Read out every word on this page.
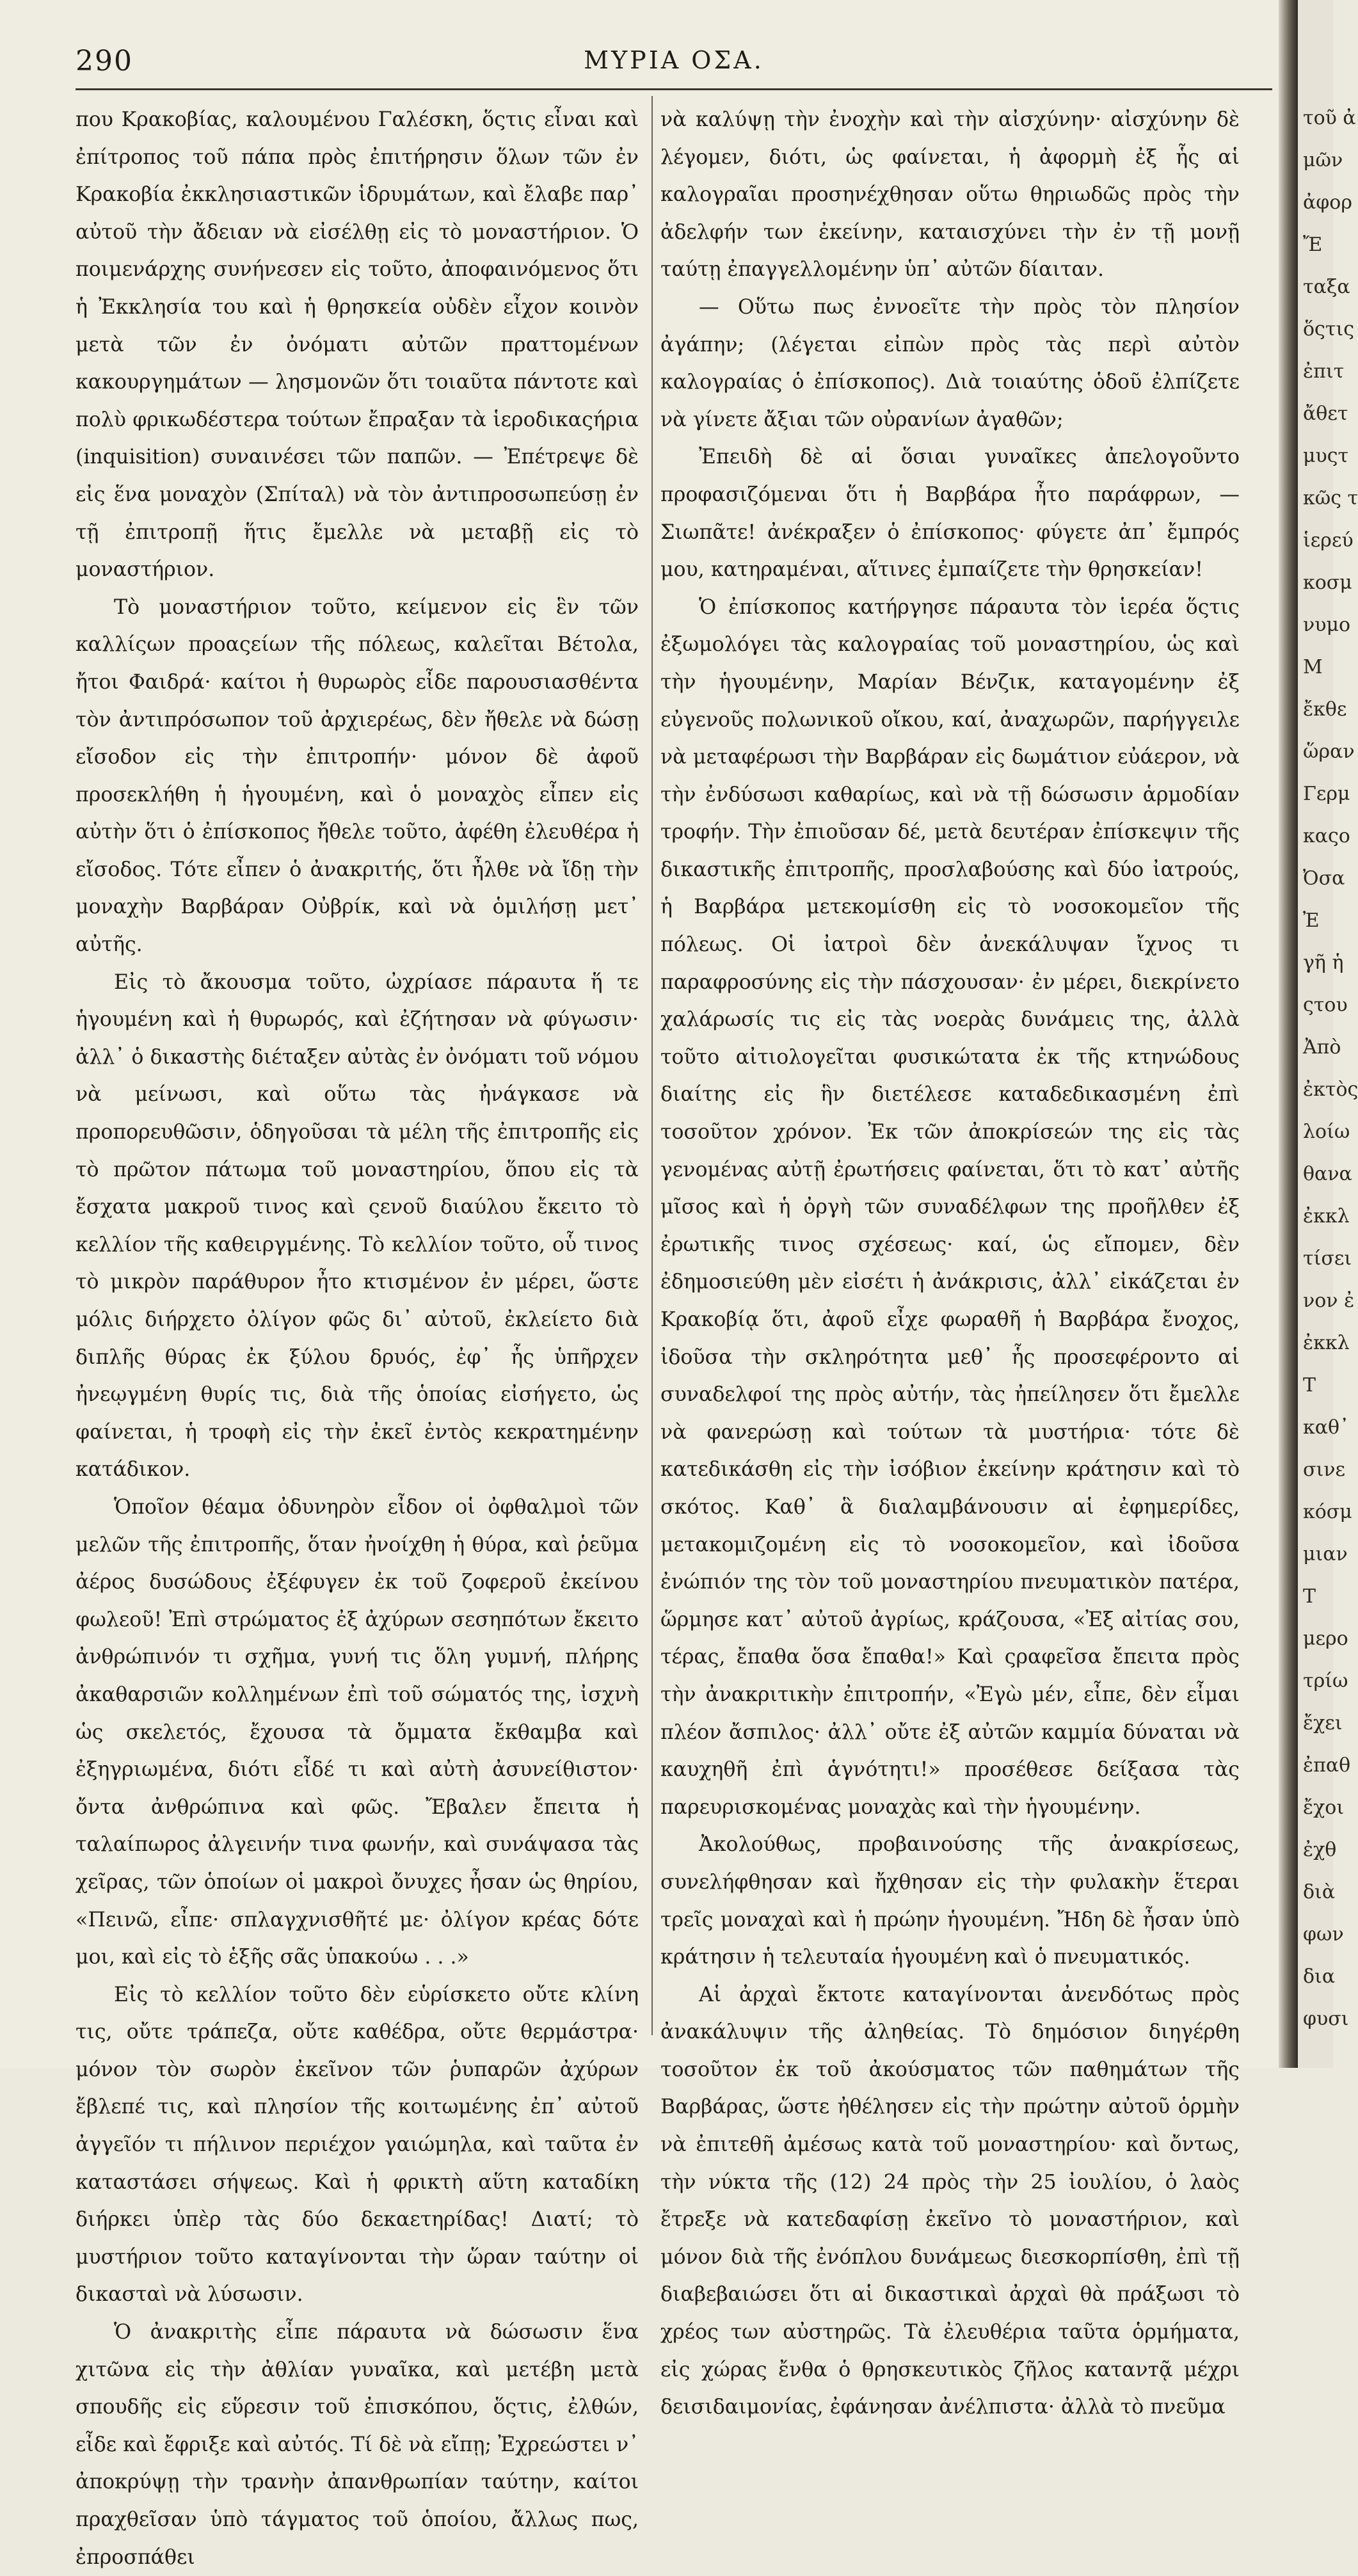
290	ΜΥΡΙΑ ΟΣΑ.

που Κρακοβίας, καλουμένου Γαλέσκη, ὅςτις εἶναι καὶ ἐπίτροπος τοῦ πάπα πρὸς ἐπιτήρησιν ὅλων τῶν ἐν Κρακοβία ἐκκλησιαστικῶν ἱδρυμάτων, καὶ ἔλαβε παρ᾽ αὐτοῦ τὴν ἄδειαν νὰ εἰσέλθῃ εἰς τὸ μοναστήριον. Ὁ ποιμενάρχης συνήνεσεν εἰς τοῦτο, ἀποφαινόμενος ὅτι ἡ Ἐκκλησία του καὶ ἡ θρησκεία οὐδὲν εἶχον κοινὸν μετὰ τῶν ἐν ὀνόματι αὐτῶν πραττομένων κακουργημάτων — λησμονῶν ὅτι τοιαῦτα πάντοτε καὶ πολὺ φρικωδέστερα τούτων ἔπραξαν τὰ ἱεροδικαςήρια (inquisition) συναινέσει τῶν παπῶν. — Ἐπέτρεψε δὲ εἰς ἕνα μοναχὸν (Σπίταλ) νὰ τὸν ἀντιπροσωπεύσῃ ἐν τῇ ἐπιτροπῇ ἥτις ἔμελλε νὰ μεταβῇ εἰς τὸ μοναστήριον.

Τὸ μοναστήριον τοῦτο, κείμενον εἰς ἓν τῶν καλλίςων προαςείων τῆς πόλεως, καλεῖται Βέτολα, ἤτοι Φαιδρά· καίτοι ἡ θυρωρὸς εἶδε παρουσιασθέντα τὸν ἀντιπρόσωπον τοῦ ἀρχιερέως, δὲν ἤθελε νὰ δώσῃ εἴσοδον εἰς τὴν ἐπιτροπήν· μόνον δὲ ἀφοῦ προσεκλήθη ἡ ἡγουμένη, καὶ ὁ μοναχὸς εἶπεν εἰς αὐτὴν ὅτι ὁ ἐπίσκοπος ἤθελε τοῦτο, ἀφέθη ἐλευθέρα ἡ εἴσοδος. Τότε εἶπεν ὁ ἀνακριτής, ὅτι ἦλθε νὰ ἴδῃ τὴν μοναχὴν Βαρβάραν Οὐβρίκ, καὶ νὰ ὁμιλήσῃ μετ᾽ αὐτῆς.

Εἰς τὸ ἄκουσμα τοῦτο, ὠχρίασε πάραυτα ἥ τε ἡγουμένη καὶ ἡ θυρωρός, καὶ ἐζήτησαν νὰ φύγωσιν· ἀλλ᾽ ὁ δικαστὴς διέταξεν αὐτὰς ἐν ὀνόματι τοῦ νόμου νὰ μείνωσι, καὶ οὕτω τὰς ἠνάγκασε νὰ προπορευθῶσιν, ὁδηγοῦσαι τὰ μέλη τῆς ἐπιτροπῆς εἰς τὸ πρῶτον πάτωμα τοῦ μοναστηρίου, ὅπου εἰς τὰ ἔσχατα μακροῦ τινος καὶ ςενοῦ διαύλου ἔκειτο τὸ κελλίον τῆς καθειργμένης. Τὸ κελλίον τοῦτο, οὗ τινος τὸ μικρὸν παράθυρον ἦτο κτισμένον ἐν μέρει, ὥστε μόλις διήρχετο ὀλίγον φῶς δι᾽ αὐτοῦ, ἐκλείετο διὰ διπλῆς θύρας ἐκ ξύλου δρυός, ἐφ᾽ ἧς ὑπῆρχεν ἠνεῳγμένη θυρίς τις, διὰ τῆς ὁποίας εἰσήγετο, ὡς φαίνεται, ἡ τροφὴ εἰς τὴν ἐκεῖ ἐντὸς κεκρατημένην κατάδικον.

Ὁποῖον θέαμα ὀδυνηρὸν εἶδον οἱ ὀφθαλμοὶ τῶν μελῶν τῆς ἐπιτροπῆς, ὅταν ἠνοίχθη ἡ θύρα, καὶ ῥεῦμα ἀέρος δυσώδους ἐξέφυγεν ἐκ τοῦ ζοφεροῦ ἐκείνου φωλεοῦ! Ἐπὶ στρώματος ἐξ ἀχύρων σεσηπότων ἔκειτο ἀνθρώπινόν τι σχῆμα, γυνή τις ὅλη γυμνή, πλήρης ἀκαθαρσιῶν κολλημένων ἐπὶ τοῦ σώματός της, ἰσχνὴ ὡς σκελετός, ἔχουσα τὰ ὄμματα ἔκθαμβα καὶ ἐξηγριωμένα, διότι εἶδέ τι καὶ αὐτὴ ἀσυνείθιστον· ὄντα ἀνθρώπινα καὶ φῶς. Ἔβαλεν ἔπειτα ἡ ταλαίπωρος ἀλγεινήν τινα φωνήν, καὶ συνάψασα τὰς χεῖρας, τῶν ὁποίων οἱ μακροὶ ὄνυχες ἦσαν ὡς θηρίου, «Πεινῶ, εἶπε· σπλαγχνισθῆτέ με· ὀλίγον κρέας δότε μοι, καὶ εἰς τὸ ἑξῆς σᾶς ὑπακούω . . .»

Εἰς τὸ κελλίον τοῦτο δὲν εὑρίσκετο οὔτε κλίνη τις, οὔτε τράπεζα, οὔτε καθέδρα, οὔτε θερμάστρα· μόνον τὸν σωρὸν ἐκεῖνον τῶν ῥυπαρῶν ἀχύρων ἔβλεπέ τις, καὶ πλησίον τῆς κοιτωμένης ἐπ᾽ αὐτοῦ ἀγγεῖόν τι πήλινον περιέχον γαιώμηλα, καὶ ταῦτα ἐν καταστάσει σήψεως. Καὶ ἡ φρικτὴ αὕτη καταδίκη διήρκει ὑπὲρ τὰς δύο δεκαετηρίδας! Διατί; τὸ μυστήριον τοῦτο καταγίνονται τὴν ὥραν ταύτην οἱ δικασταὶ νὰ λύσωσιν.

Ὁ ἀνακριτὴς εἶπε πάραυτα νὰ δώσωσιν ἕνα χιτῶνα εἰς τὴν ἀθλίαν γυναῖκα, καὶ μετέβη μετὰ σπουδῆς εἰς εὕρεσιν τοῦ ἐπισκόπου, ὅςτις, ἐλθών, εἶδε καὶ ἔφριξε καὶ αὐτός. Τί δὲ νὰ εἴπῃ; Ἐχρεώστει ν᾽ ἀποκρύψῃ τὴν τρανὴν ἀπανθρωπίαν ταύτην, καίτοι πραχθεῖσαν ὑπὸ τάγματος τοῦ ὁποίου, ἄλλως πως, ἐπροσπάθει

νὰ καλύψῃ τὴν ἐνοχὴν καὶ τὴν αἰσχύνην· αἰσχύνην δὲ λέγομεν, διότι, ὡς φαίνεται, ἡ ἀφορμὴ ἐξ ἧς αἱ καλογραῖαι προσηνέχθησαν οὕτω θηριωδῶς πρὸς τὴν ἀδελφήν των ἐκείνην, καταισχύνει τὴν ἐν τῇ μονῇ ταύτῃ ἐπαγγελλομένην ὑπ᾽ αὐτῶν δίαιταν.

— Οὕτω πως ἐννοεῖτε τὴν πρὸς τὸν πλησίον ἀγάπην; (λέγεται εἰπὼν πρὸς τὰς περὶ αὐτὸν καλογραίας ὁ ἐπίσκοπος). Διὰ τοιαύτης ὁδοῦ ἐλπίζετε νὰ γίνετε ἄξιαι τῶν οὐρανίων ἀγαθῶν;

Ἐπειδὴ δὲ αἱ ὅσιαι γυναῖκες ἀπελογοῦντο προφασιζόμεναι ὅτι ἡ Βαρβάρα ἦτο παράφρων, — Σιωπᾶτε! ἀνέκραξεν ὁ ἐπίσκοπος· φύγετε ἀπ᾽ ἔμπρός μου, κατηραμέναι, αἵτινες ἐμπαίζετε τὴν θρησκείαν!

Ὁ ἐπίσκοπος κατήργησε πάραυτα τὸν ἱερέα ὅςτις ἐξωμολόγει τὰς καλογραίας τοῦ μοναστηρίου, ὡς καὶ τὴν ἡγουμένην, Μαρίαν Βένζικ, καταγομένην ἐξ εὐγενοῦς πολωνικοῦ οἴκου, καί, ἀναχωρῶν, παρήγγειλε νὰ μεταφέρωσι τὴν Βαρβάραν εἰς δωμάτιον εὐάερον, νὰ τὴν ἐνδύσωσι καθαρίως, καὶ νὰ τῇ δώσωσιν ἁρμοδίαν τροφήν. Τὴν ἐπιοῦσαν δέ, μετὰ δευτέραν ἐπίσκεψιν τῆς δικαστικῆς ἐπιτροπῆς, προσλαβούσης καὶ δύο ἰατρούς, ἡ Βαρβάρα μετεκομίσθη εἰς τὸ νοσοκομεῖον τῆς πόλεως. Οἱ ἰατροὶ δὲν ἀνεκάλυψαν ἴχνος τι παραφροσύνης εἰς τὴν πάσχουσαν· ἐν μέρει, διεκρίνετο χαλάρωσίς τις εἰς τὰς νοερὰς δυνάμεις της, ἀλλὰ τοῦτο αἰτιολογεῖται φυσικώτατα ἐκ τῆς κτηνώδους διαίτης εἰς ἣν διετέλεσε καταδεδικασμένη ἐπὶ τοσοῦτον χρόνον. Ἐκ τῶν ἀποκρίσεών της εἰς τὰς γενομένας αὐτῇ ἐρωτήσεις φαίνεται, ὅτι τὸ κατ᾽ αὐτῆς μῖσος καὶ ἡ ὀργὴ τῶν συναδέλφων της προῆλθεν ἐξ ἐρωτικῆς τινος σχέσεως· καί, ὡς εἴπομεν, δὲν ἐδημοσιεύθη μὲν εἰσέτι ἡ ἀνάκρισις, ἀλλ᾽ εἰκάζεται ἐν Κρακοβίᾳ ὅτι, ἀφοῦ εἶχε φωραθῆ ἡ Βαρβάρα ἔνοχος, ἰδοῦσα τὴν σκληρότητα μεθ᾽ ἧς προσεφέροντο αἱ συναδελφοί της πρὸς αὐτήν, τὰς ἠπείλησεν ὅτι ἔμελλε νὰ φανερώσῃ καὶ τούτων τὰ μυστήρια· τότε δὲ κατεδικάσθη εἰς τὴν ἰσόβιον ἐκείνην κράτησιν καὶ τὸ σκότος. Καθ᾽ ἃ διαλαμβάνουσιν αἱ ἐφημερίδες, μετακομιζομένη εἰς τὸ νοσοκομεῖον, καὶ ἰδοῦσα ἐνώπιόν της τὸν τοῦ μοναστηρίου πνευματικὸν πατέρα, ὥρμησε κατ᾽ αὐτοῦ ἀγρίως, κράζουσα, «Ἐξ αἰτίας σου, τέρας, ἔπαθα ὅσα ἔπαθα!» Καὶ ςραφεῖσα ἔπειτα πρὸς τὴν ἀνακριτικὴν ἐπιτροπήν, «Ἐγὼ μέν, εἶπε, δὲν εἶμαι πλέον ἄσπιλος· ἀλλ᾽ οὔτε ἐξ αὐτῶν καμμία δύναται νὰ καυχηθῆ ἐπὶ ἁγνότητι!» προσέθεσε δείξασα τὰς παρευρισκομένας μοναχὰς καὶ τὴν ἡγουμένην.

Ἀκολούθως, προβαινούσης τῆς ἀνακρίσεως, συνελήφθησαν καὶ ἤχθησαν εἰς τὴν φυλακὴν ἕτεραι τρεῖς μοναχαὶ καὶ ἡ πρώην ἡγουμένη. Ἤδη δὲ ἦσαν ὑπὸ κράτησιν ἡ τελευταία ἡγουμένη καὶ ὁ πνευματικός.

Αἱ ἀρχαὶ ἔκτοτε καταγίνονται ἀνενδότως πρὸς ἀνακάλυψιν τῆς ἀληθείας. Τὸ δημόσιον διηγέρθη τοσοῦτον ἐκ τοῦ ἀκούσματος τῶν παθημάτων τῆς Βαρβάρας, ὥστε ἠθέλησεν εἰς τὴν πρώτην αὐτοῦ ὁρμὴν νὰ ἐπιτεθῆ ἀμέσως κατὰ τοῦ μοναστηρίου· καὶ ὄντως, τὴν νύκτα τῆς (12) 24 πρὸς τὴν 25 ἰουλίου, ὁ λαὸς ἔτρεξε νὰ κατεδαφίσῃ ἐκεῖνο τὸ μοναστήριον, καὶ μόνον διὰ τῆς ἐνόπλου δυνάμεως διεσκορπίσθη, ἐπὶ τῇ διαβεβαιώσει ὅτι αἱ δικαστικαὶ ἀρχαὶ θὰ πράξωσι τὸ χρέος των αὐστηρῶς. Τὰ ἐλευθέρια ταῦτα ὁρμήματα, εἰς χώρας ἔνθα ὁ θρησκευτικὸς ζῆλος κατανтᾷ μέχρι δεισιδαιμονίας, ἐφάνησαν ἀνέλπιστα· ἀλλὰ τὸ πνεῦμα

τοῦ ἀ
μῶν
ἀφορ
Ἔ
ταξα
ὅςτις
ἐπιτ
ἄθετ
μυςτ
κῶς τ
ἱερεύ
κοσμ
νυμο
Μ
ἔκθε
ὥραν
Γερμ
καςο
Ὀσα
Ἐ
γῆ ἡ
ςτου
Ἀπὸ
ἐκτὸς
λοίω
θανα
ἐκκλ
τίσει
νον ἐ
ἐκκλ
Τ
καθ᾽
σινε
κόσμ
μιαν
Τ
μερο
τρίω
ἔχει
ἐπαθ
ἔχοι
ἐχθ
διὰ
φων
δια
φυσι
